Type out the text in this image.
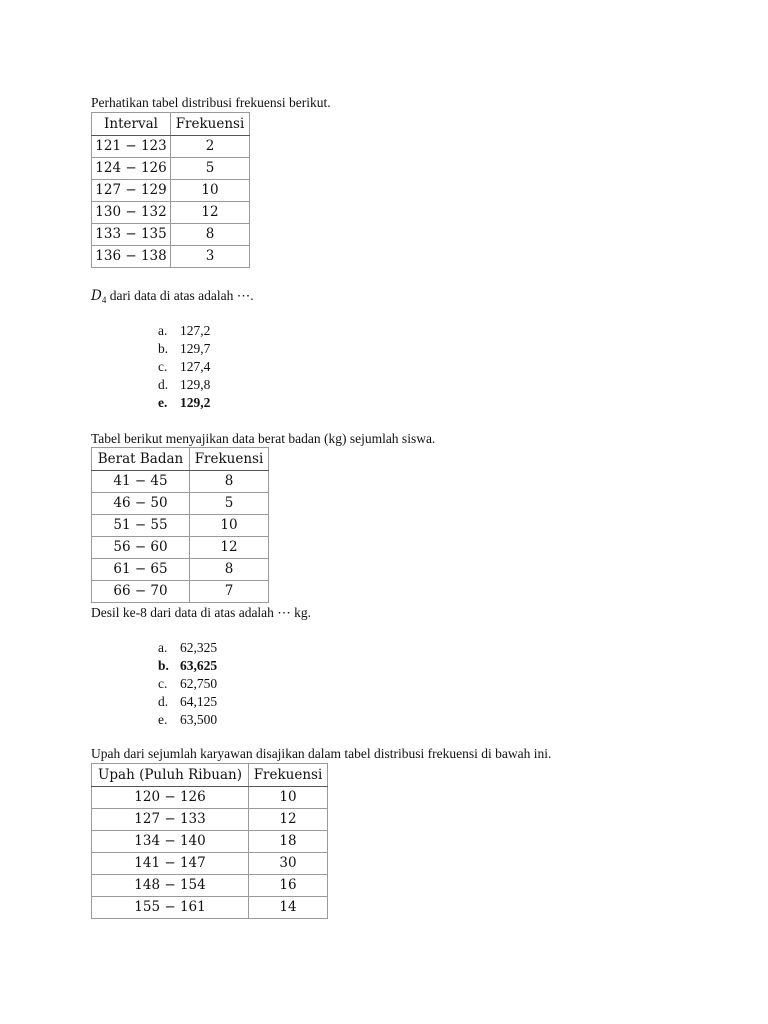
Perhatikan tabel distribusi frekuensi berikut.
Interval	Frekuensi
121 − 123	2
124 − 126	5
127 − 129	10
130 − 132	12
133 − 135	8
136 − 138	3
$D_4$ dari data di atas adalah ⋯.
a. 127,2
b. 129,7
c. 127,4
d. 129,8
e. 129,2
Tabel berikut menyajikan data berat badan (kg) sejumlah siswa.
Berat Badan	Frekuensi
41 − 45	8
46 − 50	5
51 − 55	10
56 − 60	12
61 − 65	8
66 − 70	7
Desil ke-8 dari data di atas adalah ⋯ kg.
a. 62,325
b. 63,625
c. 62,750
d. 64,125
e. 63,500
Upah dari sejumlah karyawan disajikan dalam tabel distribusi frekuensi di bawah ini.
Upah (Puluh Ribuan)	Frekuensi
120 − 126	10
127 − 133	12
134 − 140	18
141 − 147	30
148 − 154	16
155 − 161	14
